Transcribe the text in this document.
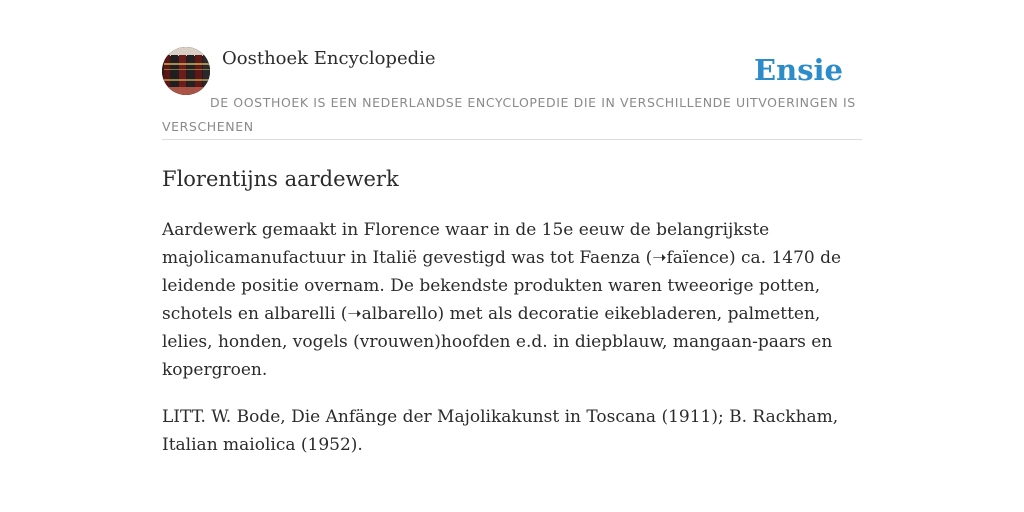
Oosthoek Encyclopedie	Ensie

DE OOSTHOEK IS EEN NEDERLANDSE ENCYCLOPEDIE DIE IN VERSCHILLENDE UITVOERINGEN IS VERSCHENEN

Florentijns aardewerk

Aardewerk gemaakt in Florence waar in de 15e eeuw de belangrijkste majolicamanufactuur in Italië gevestigd was tot Faenza (➝faïence) ca. 1470 de leidende positie overnam. De bekendste produkten waren tweeorige potten, schotels en albarelli (➝albarello) met als decoratie eikebladeren, palmetten, lelies, honden, vogels (vrouwen)hoofden e.d. in diepblauw, mangaan-paars en kopergroen.

LITT. W. Bode, Die Anfänge der Majolikakunst in Toscana (1911); B. Rackham, Italian maiolica (1952).
